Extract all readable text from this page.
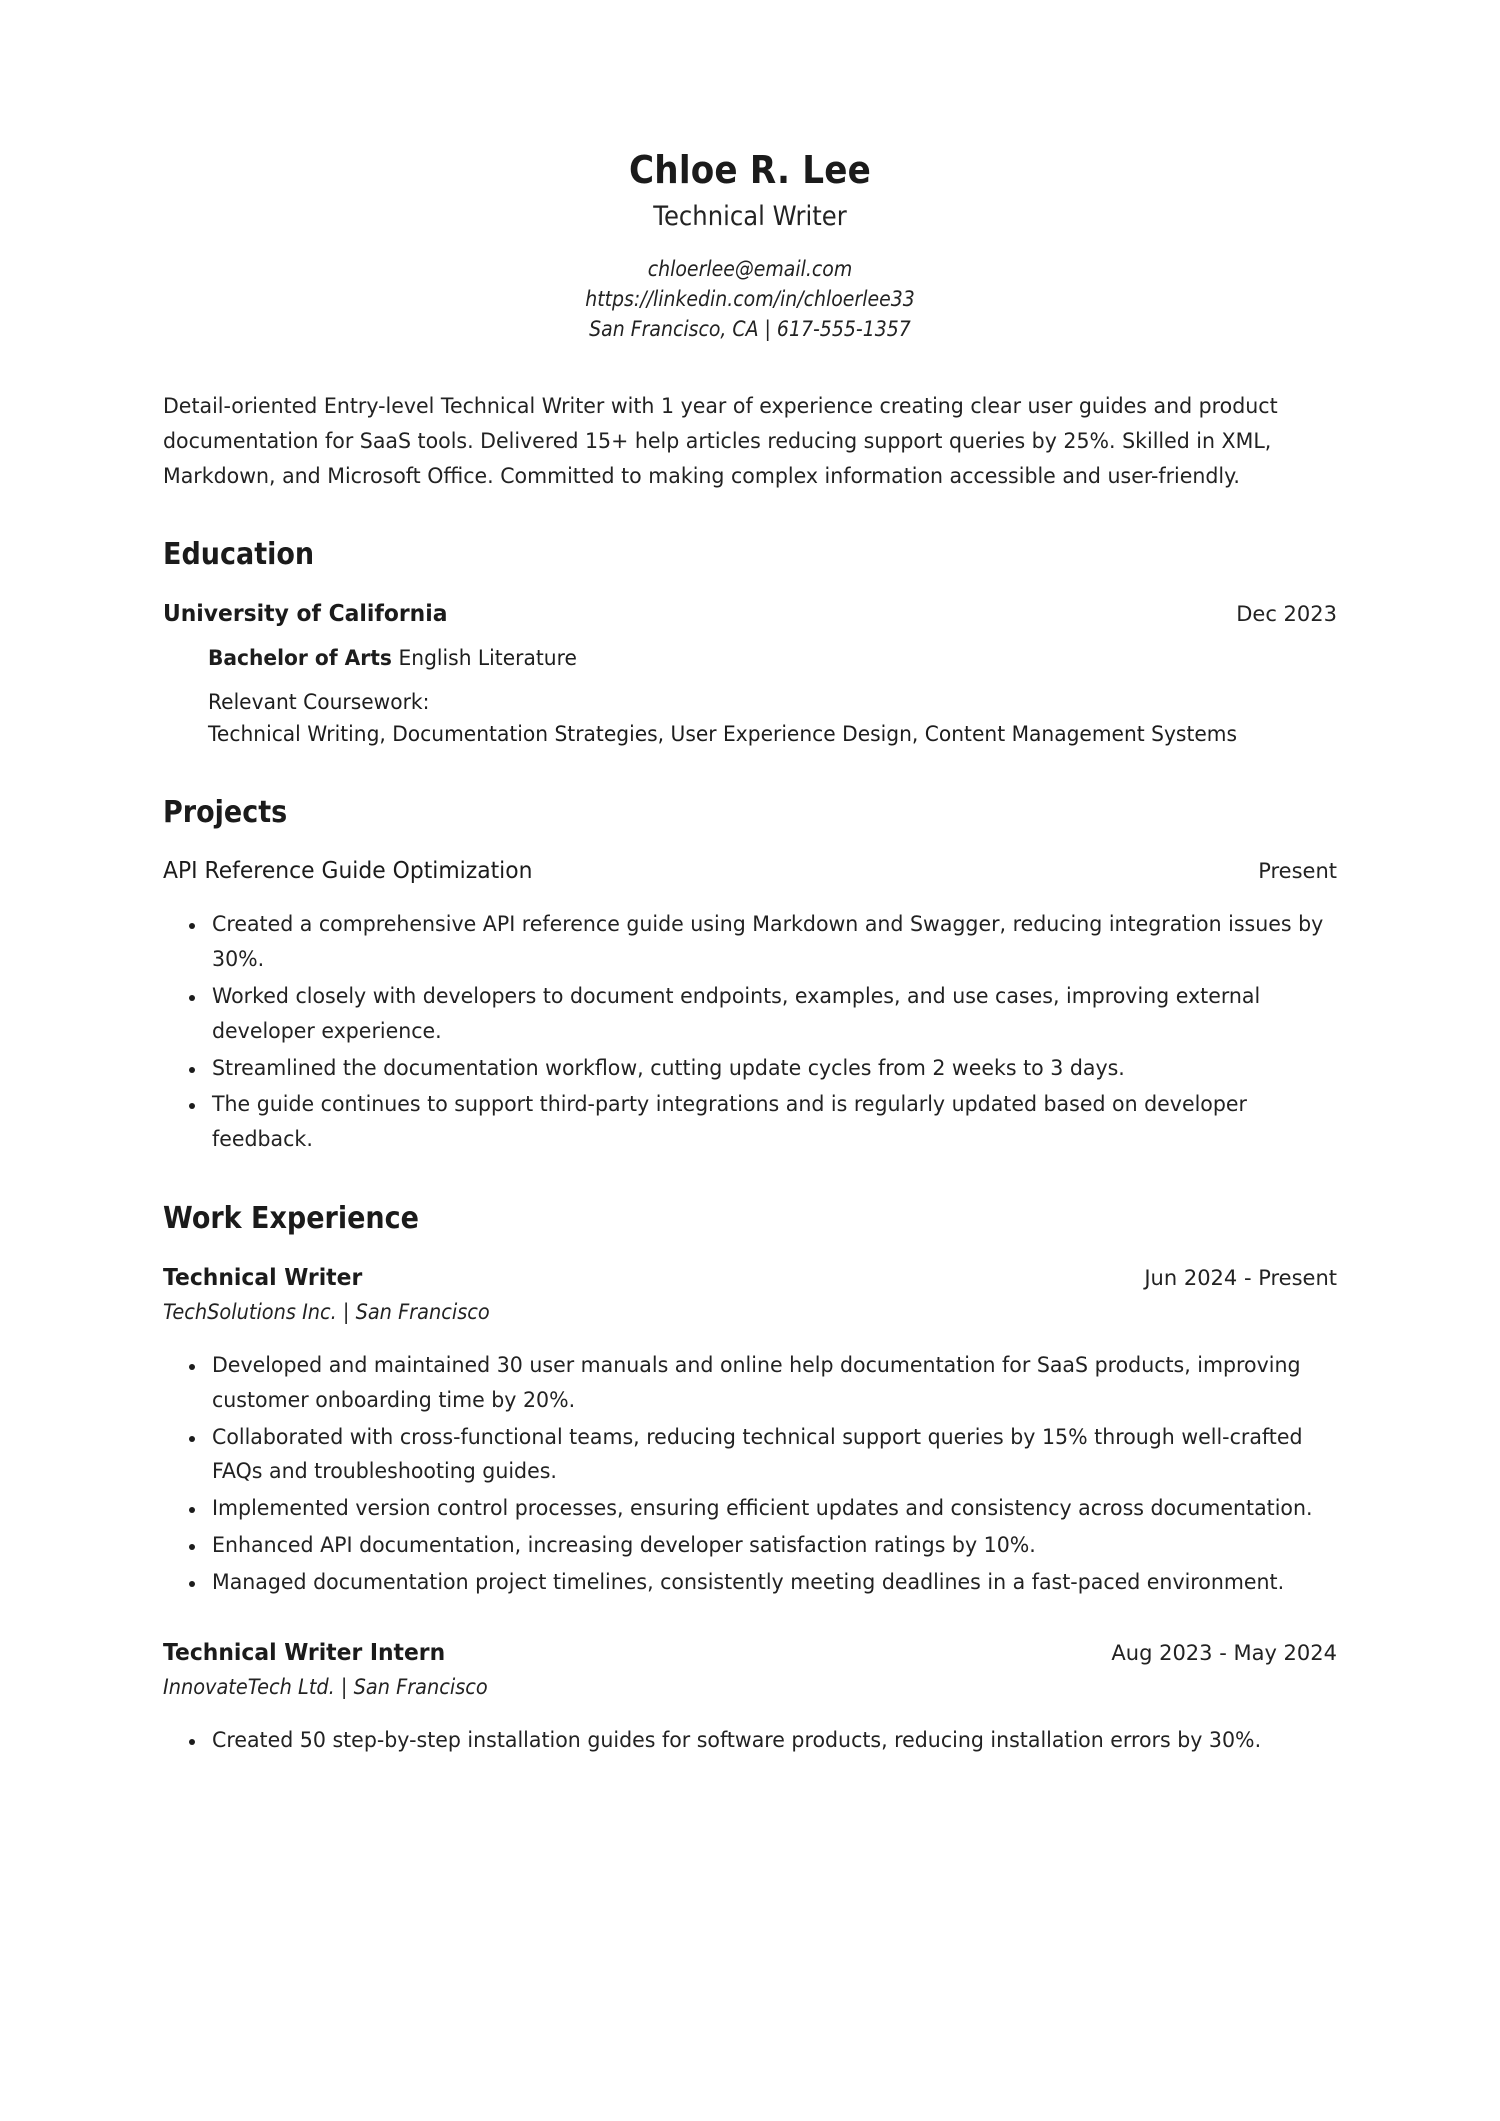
Chloe R. Lee
Technical Writer
chloerlee@email.com
https://linkedin.com/in/chloerlee33
San Francisco, CA | 617-555-1357
Detail-oriented Entry-level Technical Writer with 1 year of experience creating clear user guides and product documentation for SaaS tools. Delivered 15+ help articles reducing support queries by 25%. Skilled in XML, Markdown, and Microsoft Office. Committed to making complex information accessible and user-friendly.
Education
University of California	Dec 2023
Bachelor of Arts English Literature
Relevant Coursework:
Technical Writing, Documentation Strategies, User Experience Design, Content Management Systems
Projects
API Reference Guide Optimization	Present
Created a comprehensive API reference guide using Markdown and Swagger, reducing integration issues by 30%.
Worked closely with developers to document endpoints, examples, and use cases, improving external developer experience.
Streamlined the documentation workflow, cutting update cycles from 2 weeks to 3 days.
The guide continues to support third-party integrations and is regularly updated based on developer feedback.
Work Experience
Technical Writer	Jun 2024 - Present
TechSolutions Inc. | San Francisco
Developed and maintained 30 user manuals and online help documentation for SaaS products, improving customer onboarding time by 20%.
Collaborated with cross-functional teams, reducing technical support queries by 15% through well-crafted FAQs and troubleshooting guides.
Implemented version control processes, ensuring efficient updates and consistency across documentation.
Enhanced API documentation, increasing developer satisfaction ratings by 10%.
Managed documentation project timelines, consistently meeting deadlines in a fast-paced environment.
Technical Writer Intern	Aug 2023 - May 2024
InnovateTech Ltd. | San Francisco
Created 50 step-by-step installation guides for software products, reducing installation errors by 30%.
